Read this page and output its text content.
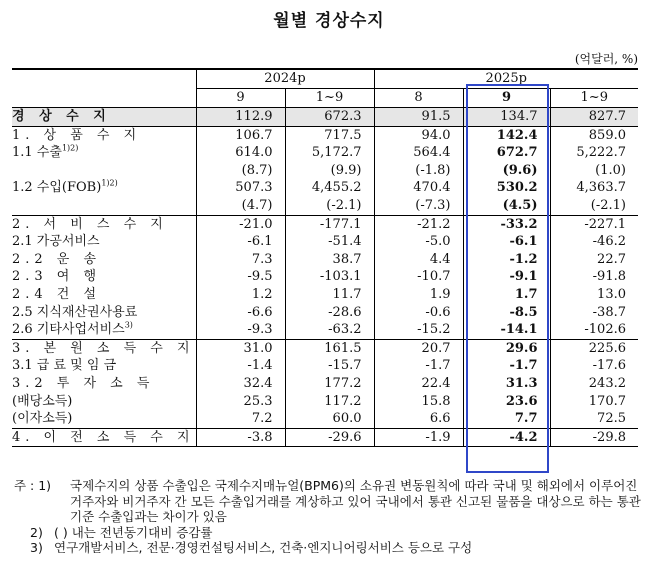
월별 경상수지
(억달러, %)
	2024p		2025p		
	9	1~9	8	9	1~9
경 상 수 지	112.9	672.3	91.5	134.7	827.7
1. 상 품 수 지	106.7	717.5	94.0	142.4	859.0
1.1 수출$^{1)2)}$	614.0	5,172.7	564.4	672.7	5,222.7
	(8.7)	(9.9)	(-1.8)	(9.6)	(1.0)
1.2 수입(FOB)$^{1)2)}$	507.3	4,455.2	470.4	530.2	4,363.7
	(4.7)	(-2.1)	(-7.3)	(4.5)	(-2.1)
2. 서 비 스 수 지	-21.0	-177.1	-21.2	-33.2	-227.1
2.1 가공서비스	-6.1	-51.4	-5.0	-6.1	-46.2
2.2 운 송	7.3	38.7	4.4	-1.2	22.7
2.3 여 행	-9.5	-103.1	-10.7	-9.1	-91.8
2.4 건 설	1.2	11.7	1.9	1.7	13.0
2.5 지식재산권사용료	-6.6	-28.6	-0.6	-8.5	-38.7
2.6 기타사업서비스$^{3)}$	-9.3	-63.2	-15.2	-14.1	-102.6
3. 본 원 소 득 수 지	31.0	161.5	20.7	29.6	225.6
3.1 급 료 및 임 금	-1.4	-15.7	-1.7	-1.7	-17.6
3.2 투 자 소 득	32.4	177.2	22.4	31.3	243.2
(배당소득)	25.3	117.2	15.8	23.6	170.7
(이자소득)	7.2	60.0	6.6	7.7	72.5
4. 이 전 소 득 수 지	-3.8	-29.6	-1.9	-4.2	-29.8
주 : 1)	국제수지의 상품 수출입은 국제수지매뉴얼(BPM6)의 소유권 변동원칙에 따라 국내 및 해외에서 이루어진 거주자와 비거주자 간 모든 수출입거래를 계상하고 있어 국내에서 통관 신고된 물품을 대상으로 하는 통관기준 수출입과는 차이가 있음
2) ( ) 내는 전년동기대비 증감률
3) 연구개발서비스, 전문·경영컨설팅서비스, 건축·엔지니어링서비스 등으로 구성
